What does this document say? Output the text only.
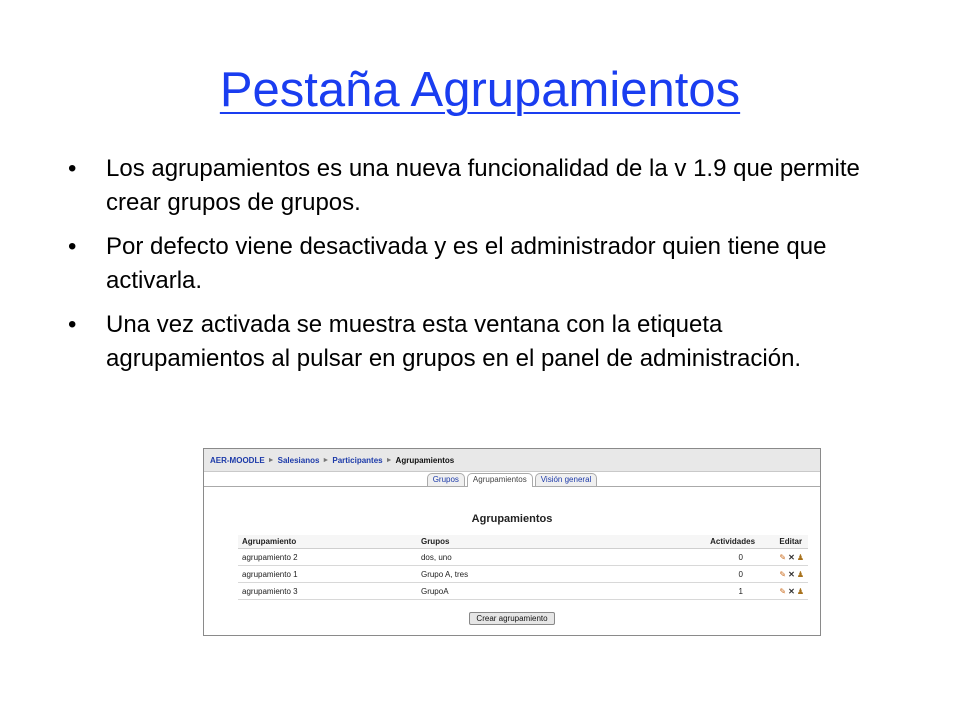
Pestaña Agrupamientos
• Los agrupamientos es una nueva funcionalidad de la v 1.9 que permite crear grupos de grupos.
• Por defecto viene desactivada y es el administrador quien tiene que activarla.
• Una vez activada se muestra esta ventana con la etiqueta agrupamientos al pulsar en grupos en el panel de administración.
AER-MOODLE ► Salesianos ► Participantes ► Agrupamientos
Grupos	Agrupamientos	Visión general
Agrupamientos
Agrupamiento	Grupos	Actividades	Editar
agrupamiento 2	dos, uno	0	✎ ✕ ♟

agrupamiento 1	Grupo A, tres	0	✎ ✕ ♟

agrupamiento 3	GrupoA	1	✎ ✕ ♟
Crear agrupamiento
